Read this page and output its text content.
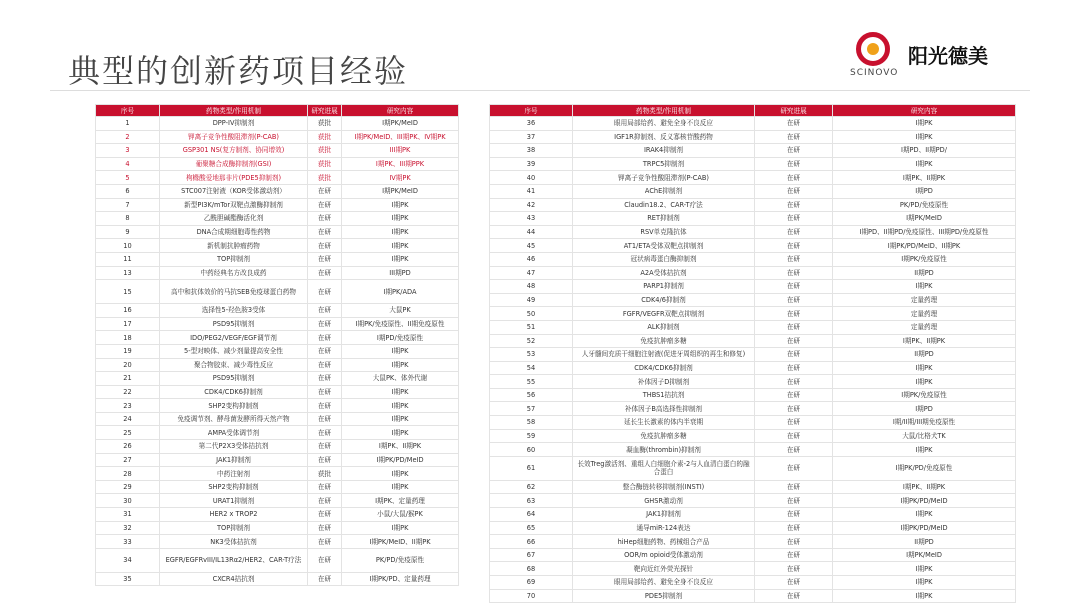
典型的创新药项目经验	SCINOVO
阳光德美
序号	药物类型/作用机制	研究进展	研究内容
1	DPP-IV抑制剂	获批	I期PK/MeID
2	钾离子竞争性酸阻滞剂(P-CAB)	获批	I期PK/MeID、III期PK、IV期PK
3	GSP301 NS(复方制剂、协同增效)	获批	III期PK
4	葡聚糖合成酶抑制剂(GSI)	获批	I期PK、III期PPK
5	枸橼酸爱地那非片(PDE5抑制剂)	获批	IV期PK
6	STC007注射液（KOR受体激动剂）	在研	I期PK/MeID
7	新型PI3K/mTor双靶点激酶抑制剂	在研	I期PK
8	乙酰胆碱酯酶活化剂	在研	I期PK
9	DNA合成期细胞毒性药物	在研	I期PK
10	新机制抗肿瘤药物	在研	I期PK
11	TOP抑制剂	在研	I期PK
13	中药经典名方改良成药	在研	III期PD
15	高中和抗体效价的马抗SEB免疫球蛋白药物	在研	I期PK/ADA
16	选择性5-羟色胺3受体	在研	大鼠PK
17	PSD95抑制剂	在研	I期PK/免疫原性、II期免疫原性
18	IDO/PEG2/VEGF/EGF调节剂	在研	I期PD/免疫原性
19	5-型对映体、减少剂量提高安全性	在研	I期PK
20	聚合物胶束、减少毒性反应	在研	I期PK
21	PSD95抑制剂	在研	大鼠PK、体外代谢
22	CDK4/CDK6抑制剂	在研	I期PK
23	SHP2变构抑制剂	在研	I期PK
24	免疫调节剂、酵母菌发酵所得天然产物	在研	I期PK
25	AMPA受体调节剂	在研	I期PK
26	第二代P2X3受体拮抗剂	在研	I期PK、II期PK
27	JAK1抑制剂	在研	I期PK/PD/MeID
28	中药注射剂	获批	I期PK
29	SHP2变构抑制剂	在研	I期PK
30	URAT1抑制剂	在研	I期PK、定量药理
31	HER2 x TROP2	在研	小鼠/大鼠/猴PK
32	TOP抑制剂	在研	I期PK
33	NK3受体拮抗剂	在研	I期PK/MeID、II期PK
34	EGFR/EGFRvIII/IL13Rα2/HER2、CAR-T疗法	在研	PK/PD/免疫原性
35	CXCR4拮抗剂	在研	I期PK/PD、定量药理
序号	药物类型/作用机制	研究进展	研究内容
36	眼用局部给药、避免全身不良反应	在研	I期PK
37	IGF1R抑制剂、反义寡核苷酸药物	在研	I期PK
38	IRAK4抑制剂	在研	I期PD、II期PD/
39	TRPC5抑制剂	在研	I期PK
40	钾离子竞争性酸阻滞剂(P-CAB)	在研	I期PK、II期PK
41	AChE抑制剂	在研	I期PD
42	Claudin18.2、CAR-T疗法	在研	PK/PD/免疫原性
43	RET抑制剂	在研	I期PK/MeID
44	RSV单克隆抗体	在研	I期PD、II期PD/免疫原性、III期PD/免疫原性
45	AT1/ETA受体双靶点抑制剂	在研	I期PK/PD/MeID、II期PK
46	冠状病毒蛋白酶抑制剂	在研	I期PK/免疫原性
47	A2A受体拮抗剂	在研	II期PD
48	PARP1抑制剂	在研	I期PK
49	CDK4/6抑制剂	在研	定量药理
50	FGFR/VEGFR双靶点抑制剂	在研	定量药理
51	ALK抑制剂	在研	定量药理
52	免疫抗肿瘤多糖	在研	I期PK、II期PK
53	人牙髓间充质干细胞注射液(促进牙周组织的再生和修复)	在研	II期PD
54	CDK4/CDK6抑制剂	在研	I期PK
55	补体因子D抑制剂	在研	I期PK
56	THBS1拮抗剂	在研	I期PK/免疫原性
57	补体因子B高选择性抑制剂	在研	I期PD
58	延长生长激素的体内半衰期	在研	I期/II期/III期免疫原性
59	免疫抗肿瘤多糖	在研	大鼠/比格犬TK
60	凝血酶(thrombin)抑制剂	在研	I期PK
61	长效Treg激活剂、重组人白细胞介素-2与人血清白蛋白的融合蛋白	在研	I期PK/PD/免疫原性
62	整合酶链转移抑制剂(INSTI)	在研	I期PK、II期PK
63	GHSR激动剂	在研	I期PK/PD/MeID
64	JAK1抑制剂	在研	I期PK
65	通导miR-124表达	在研	I期PK/PD/MeID
66	hiHep细胞药物、药械组合产品	在研	II期PD
67	OOR/m opioid受体激动剂	在研	I期PK/MeID
68	靶向近红外荧光探针	在研	I期PK
69	眼用局部给药、避免全身不良反应	在研	I期PK
70	PDE5抑制剂	在研	I期PK
